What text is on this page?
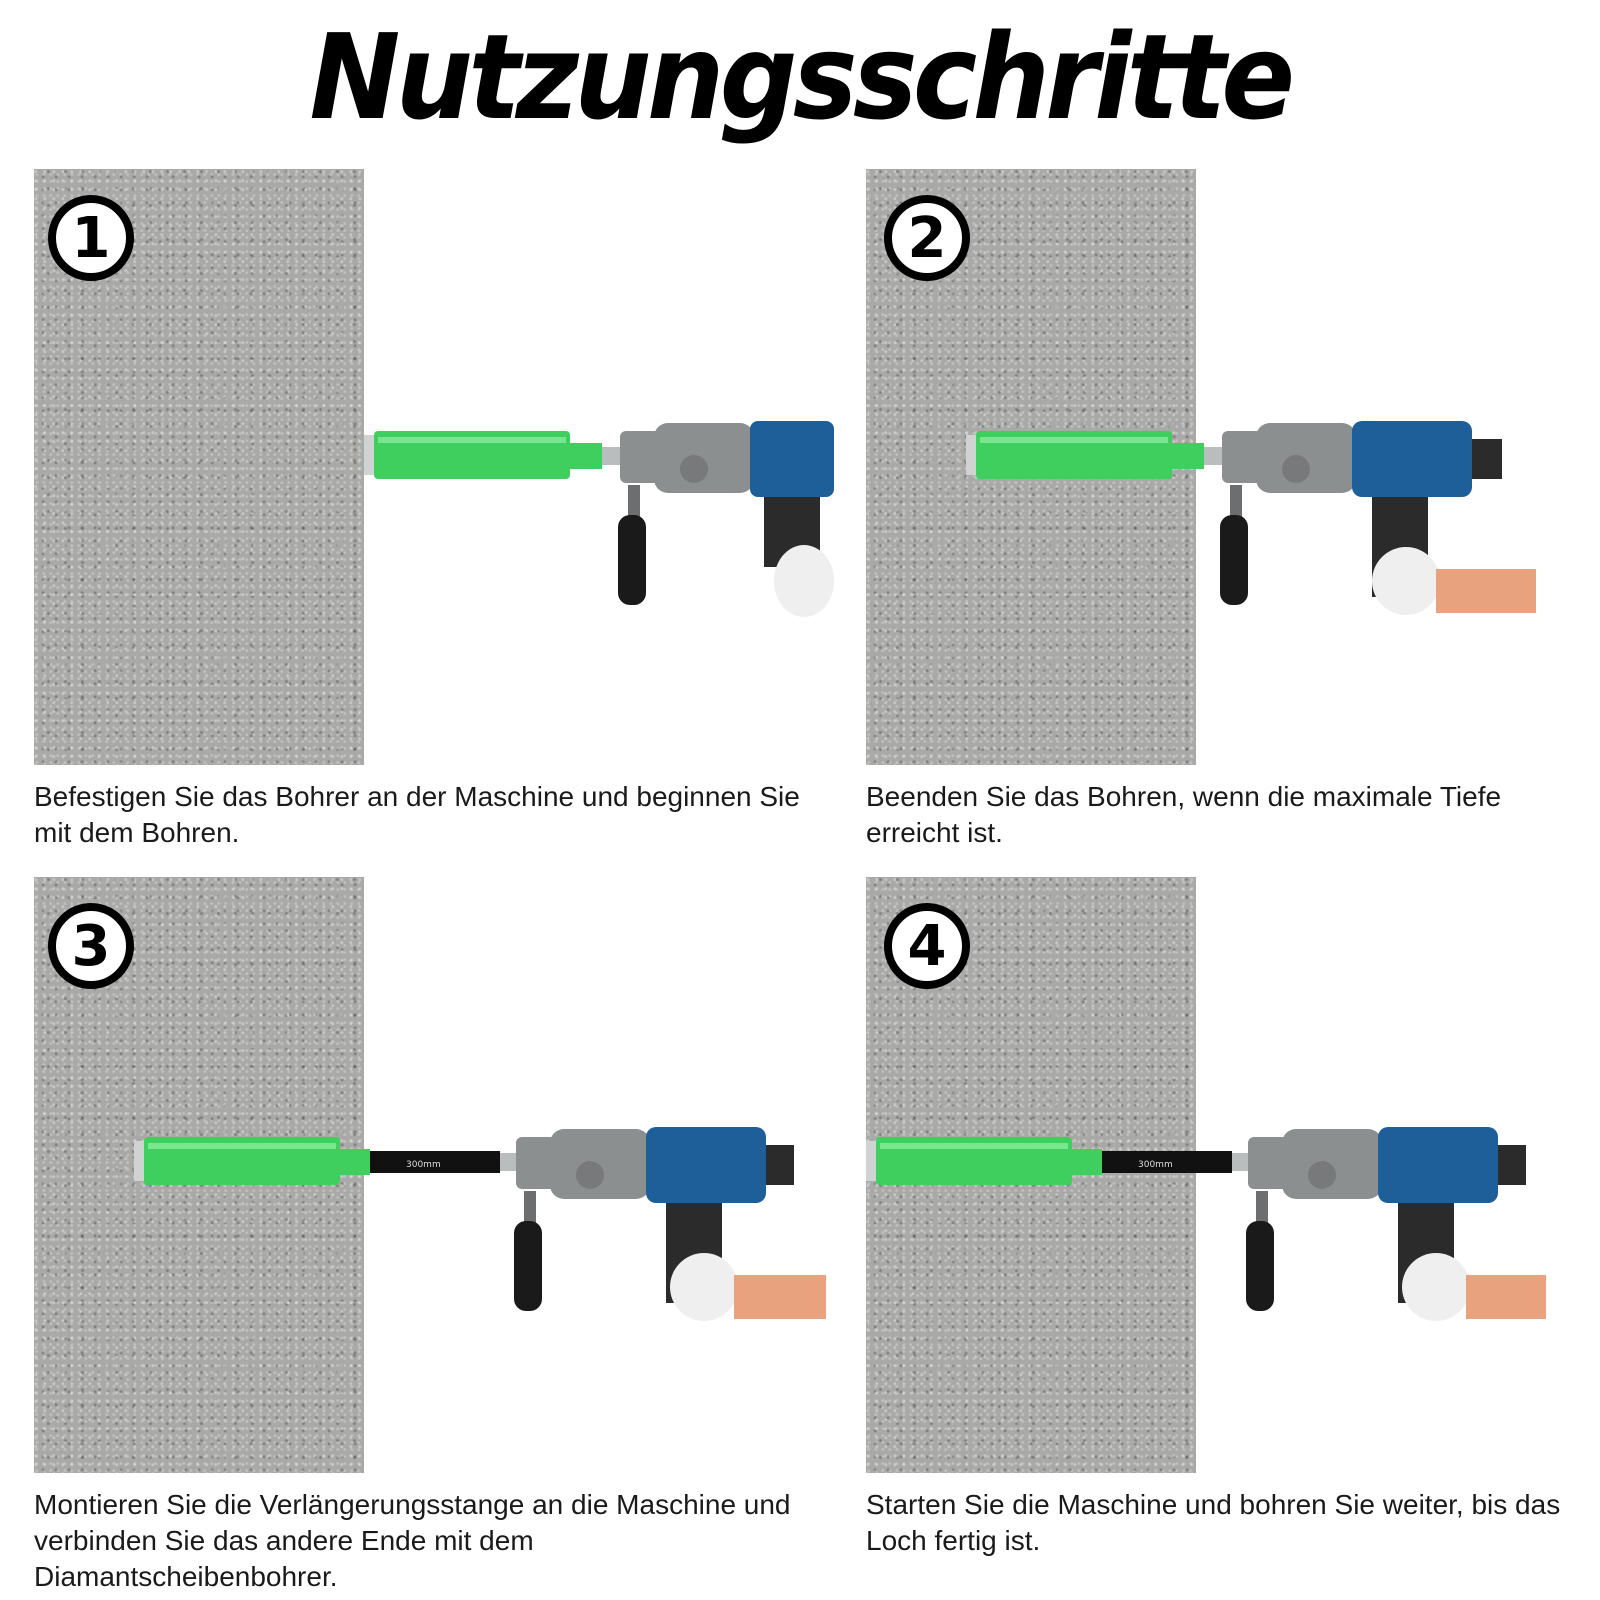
Nutzungsschritte
1
Befestigen Sie das Bohrer an der Maschine und beginnen Sie mit dem Bohren.
2
Beenden Sie das Bohren, wenn die maximale Tiefe erreicht ist.
3
300mm
Montieren Sie die Verlängerungsstange an die Maschine und verbinden Sie das andere Ende mit dem Diamantscheibenbohrer.
4
300mm
Starten Sie die Maschine und bohren Sie weiter, bis das Loch fertig ist.
